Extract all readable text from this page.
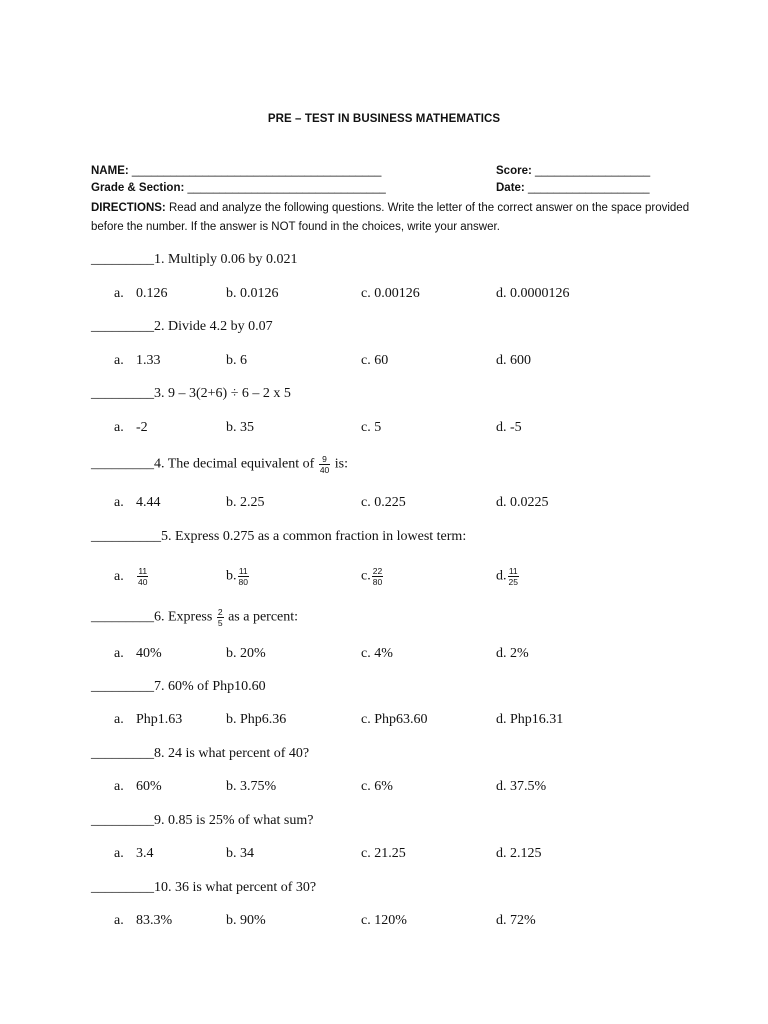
PRE – TEST IN BUSINESS MATHEMATICS
NAME: _______________________________________	Score: __________________
Grade & Section: _______________________________	Date: ___________________
DIRECTIONS: Read and analyze the following questions. Write the letter of the correct answer on the space provided before the number. If the answer is NOT found in the choices, write your answer.
_________1. Multiply 0.06 by 0.021
a. 0.126	b. 0.0126	c. 0.00126	d. 0.0000126
_________2. Divide 4.2 by 0.07
a. 1.33	b. 6	c. 60	d. 600
_________3. 9 – 3(2+6) ÷ 6 – 2 x 5
a. -2	b. 35	c. 5	d. -5
_________4. The decimal equivalent of $\frac{9}{40}$ is:
a. 4.44	b. 2.25	c. 0.225	d. 0.0225
__________5. Express 0.275 as a common fraction in lowest term:
a. $\frac{11}{40}$	b. $\frac{11}{80}$	c. $\frac{22}{80}$	d. $\frac{11}{25}$
_________6. Express $\frac{2}{5}$ as a percent:
a. 40%	b. 20%	c. 4%	d. 2%
_________7. 60% of Php10.60
a. Php1.63	b. Php6.36	c. Php63.60	d. Php16.31
_________8. 24 is what percent of 40?
a. 60%	b. 3.75%	c. 6%	d. 37.5%
_________9. 0.85 is 25% of what sum?
a. 3.4	b. 34	c. 21.25	d. 2.125
_________10. 36 is what percent of 30?
a. 83.3%	b. 90%	c. 120%	d. 72%
